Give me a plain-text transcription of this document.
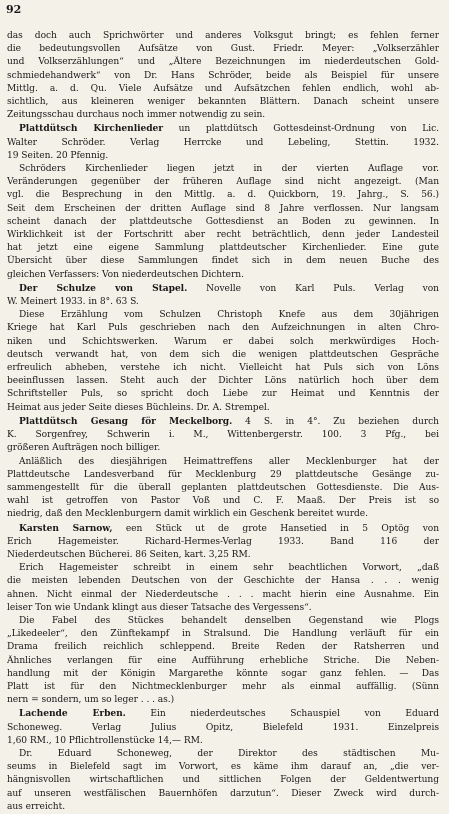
92
das doch auch Sprichwörter und anderes Volksgut bringt; es fehlen ferner
die bedeutungsvollen Aufsätze von Gust. Friedr. Meyer: „Volkserzähler
und Volkserzählungen“ und „Ältere Bezeichnungen im niederdeutschen Gold-
schmiedehandwerk“ von Dr. Hans Schröder, beide als Beispiel für unsere
Mittlg. a. d. Qu. Viele Aufsätze und Aufsätzchen fehlen endlich, wohl ab-
sichtlich, aus kleineren weniger bekannten Blättern. Danach scheint unsere
Zeitungsschau durchaus noch immer notwendig zu sein.
Plattdütsch Kirchenlieder un plattdütsch Gottesdeinst-Ordnung von Lic.
Walter Schröder. Verlag Herrcke und Lebeling, Stettin. 1932.
19 Seiten. 20 Pfennig.
Schröders Kirchenlieder liegen jetzt in der vierten Auflage vor.
Veränderungen gegenüber der früheren Auflage sind nicht angezeigt. (Man
vgl. die Besprechung in den Mittlg. a. d. Quickborn, 19. Jahrg., S. 56.)
Seit dem Erscheinen der dritten Auflage sind 8 Jahre verflossen. Nur langsam
scheint danach der plattdeutsche Gottesdienst an Boden zu gewinnen. In
Wirklichkeit ist der Fortschritt aber recht beträchtlich, denn jeder Landesteil
hat jetzt eine eigene Sammlung plattdeutscher Kirchenlieder. Eine gute
Übersicht über diese Sammlungen findet sich in dem neuen Buche des
gleichen Verfassers: Von niederdeutschen Dichtern.
Der Schulze von Stapel. Novelle von Karl Puls. Verlag von
W. Meinert 1933. in 8°. 63 S.
Diese Erzählung vom Schulzen Christoph Knefe aus dem 30jährigen
Kriege hat Karl Puls geschrieben nach den Aufzeichnungen in alten Chro-
niken und Schichtswerken. Warum er dabei solch merkwürdiges Hoch-
deutsch verwandt hat, von dem sich die wenigen plattdeutschen Gespräche
erfreulich abheben, verstehe ich nicht. Vielleicht hat Puls sich von Löns
beeinflussen lassen. Steht auch der Dichter Löns natürlich hoch über dem
Schriftsteller Puls, so spricht doch Liebe zur Heimat und Kenntnis der
Heimat aus jeder Seite dieses Büchleins. Dr. A. Strempel.
Plattdütsch Gesang för Meckelborg. 4 S. in 4°. Zu beziehen durch
K. Sorgenfrey, Schwerin i. M., Wittenbergerstr. 100. 3 Pfg., bei
größeren Aufträgen noch billiger.
Anläßlich des diesjährigen Heimattreffens aller Mecklenburger hat der
Plattdeutsche Landesverband für Mecklenburg 29 plattdeutsche Gesänge zu-
sammengestellt für die überall geplanten plattdeutschen Gottesdienste. Die Aus-
wahl ist getroffen von Pastor Voß und C. F. Maaß. Der Preis ist so
niedrig, daß den Mecklenburgern damit wirklich ein Geschenk bereitet wurde.
Karsten Sarnow, een Stück ut de grote Hansetied in 5 Optög von
Erich Hagemeister. Richard-Hermes-Verlag 1933. Band 116 der
Niederdeutschen Bücherei. 86 Seiten, kart. 3,25 RM.
Erich Hagemeister schreibt in einem sehr beachtlichen Vorwort, „daß
die meisten lebenden Deutschen von der Geschichte der Hansa . . . wenig
ahnen. Nicht einmal der Niederdeutsche . . . macht hierin eine Ausnahme. Ein
leiser Ton wie Undank klingt aus dieser Tatsache des Vergessens“.
Die Fabel des Stückes behandelt denselben Gegenstand wie Plogs
„Likedeeler“, den Zünftekampf in Stralsund. Die Handlung verläuft für ein
Drama freilich reichlich schleppend. Breite Reden der Ratsherren und
Ähnliches verlangen für eine Aufführung erhebliche Striche. Die Neben-
handlung mit der Königin Margarethe könnte sogar ganz fehlen. — Das
Platt ist für den Nichtmecklenburger mehr als einmal auffällig. (Sünn
nern = sondern, um so leger . . . as.)
Lachende Erben. Ein niederdeutsches Schauspiel von Eduard
Schoneweg. Verlag Julius Opitz, Bielefeld 1931. Einzelpreis
1,60 RM., 10 Pflichtrollenstücke 14,— RM.
Dr. Eduard Schoneweg, der Direktor des städtischen Mu-
seums in Bielefeld sagt im Vorwort, es käme ihm darauf an, „die ver-
hängnisvollen wirtschaftlichen und sittlichen Folgen der Geldentwertung
auf unseren westfälischen Bauernhöfen darzutun“. Dieser Zweck wird durch-
aus erreicht.
